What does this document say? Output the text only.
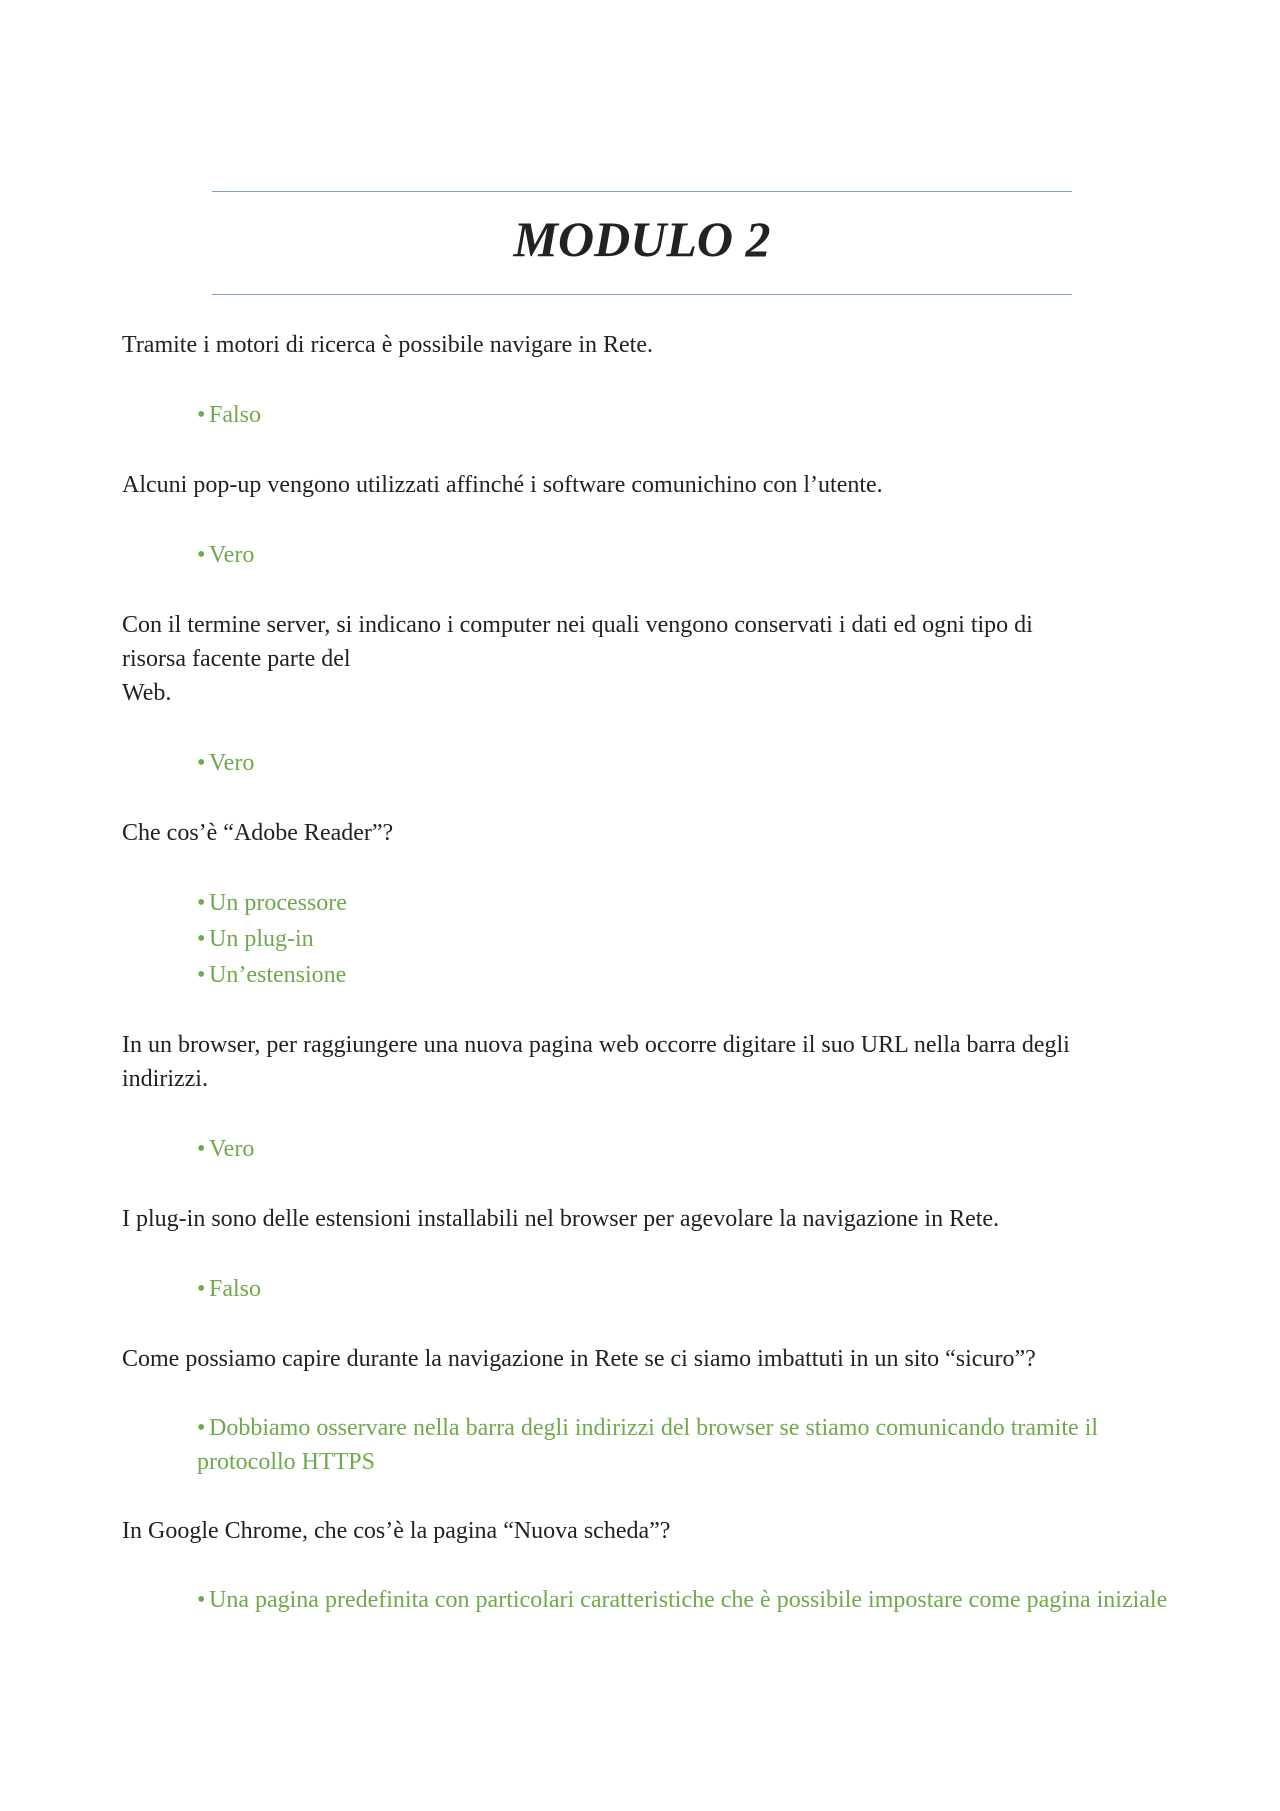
MODULO 2

Tramite i motori di ricerca è possibile navigare in Rete.

• Falso

Alcuni pop-up vengono utilizzati affinché i software comunichino con l’utente.

• Vero

Con il termine server, si indicano i computer nei quali vengono conservati i dati ed ogni tipo di
risorsa facente parte del
Web.

• Vero

Che cos’è “Adobe Reader”?

• Un processore
• Un plug-in
• Un’estensione

In un browser, per raggiungere una nuova pagina web occorre digitare il suo URL nella barra degli
indirizzi.

• Vero

I plug-in sono delle estensioni installabili nel browser per agevolare la navigazione in Rete.

• Falso

Come possiamo capire durante la navigazione in Rete se ci siamo imbattuti in un sito “sicuro”?

• Dobbiamo osservare nella barra degli indirizzi del browser se stiamo comunicando tramite il protocollo HTTPS

In Google Chrome, che cos’è la pagina “Nuova scheda”?

• Una pagina predefinita con particolari caratteristiche che è possibile impostare come pagina iniziale
